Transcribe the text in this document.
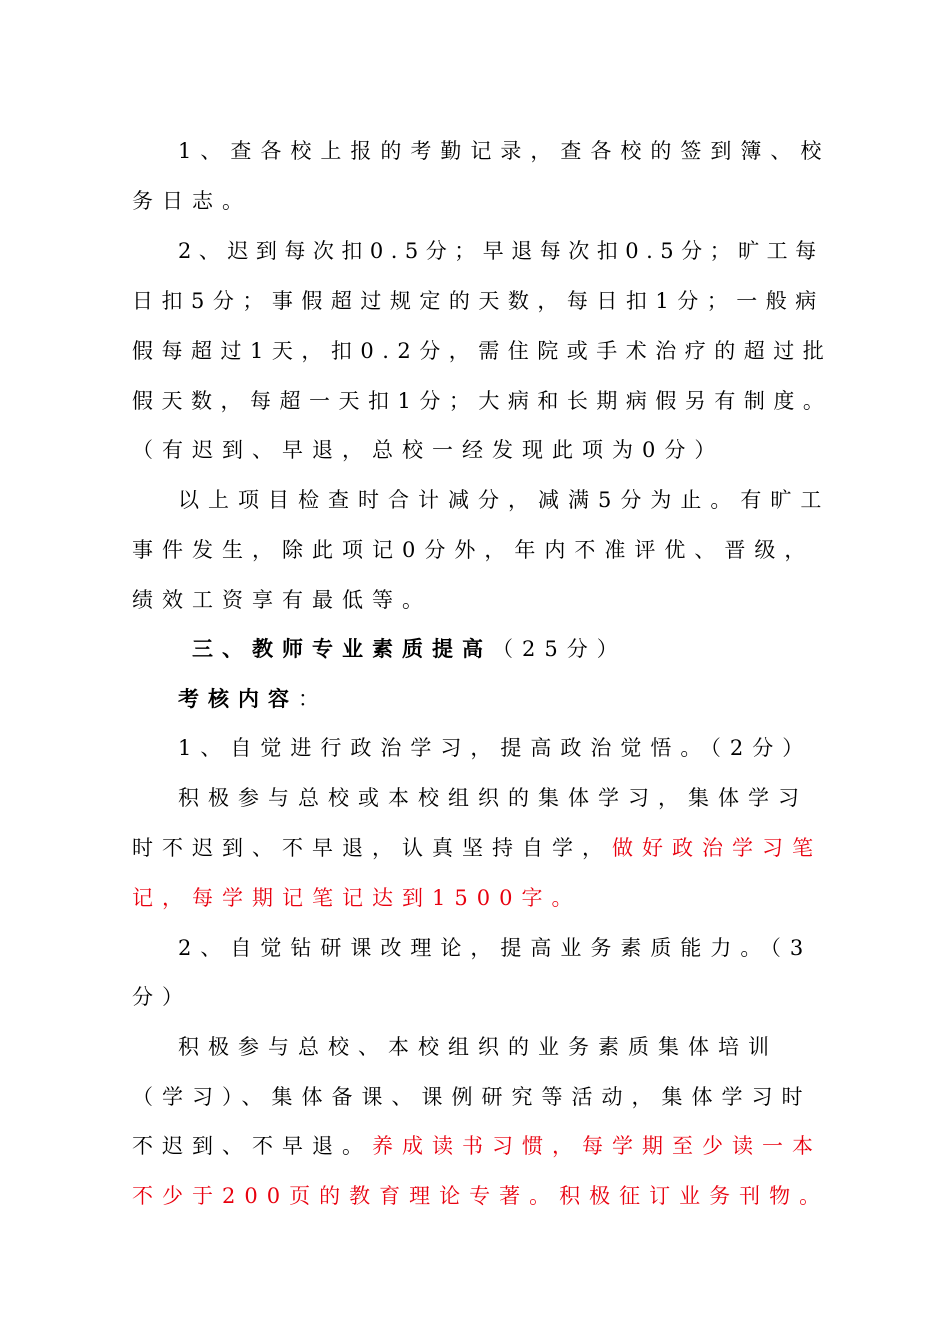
1、查各校上报的考勤记录，查各校的签到簿、校
务日志。
2、迟到每次扣0.5分；早退每次扣0.5分；旷工每
日扣5分；事假超过规定的天数，每日扣1分；一般病
假每超过1天，扣0.2分，需住院或手术治疗的超过批
假天数，每超一天扣1分；大病和长期病假另有制度。
（有迟到、早退，总校一经发现此项为0分）
以上项目检查时合计减分，减满5分为止。有旷工
事件发生，除此项记0分外，年内不准评优、晋级，
绩效工资享有最低等。
三、教师专业素质提高（25分）
考核内容：
1、自觉进行政治学习，提高政治觉悟。（2分）
积极参与总校或本校组织的集体学习，集体学习
时不迟到、不早退，认真坚持自学，做好政治学习笔
记，每学期记笔记达到1500字。
2、自觉钻研课改理论，提高业务素质能力。（3
分）
积极参与总校、本校组织的业务素质集体培训
（学习）、集体备课、课例研究等活动，集体学习时
不迟到、不早退。养成读书习惯，每学期至少读一本
不少于200页的教育理论专著。积极征订业务刊物。
